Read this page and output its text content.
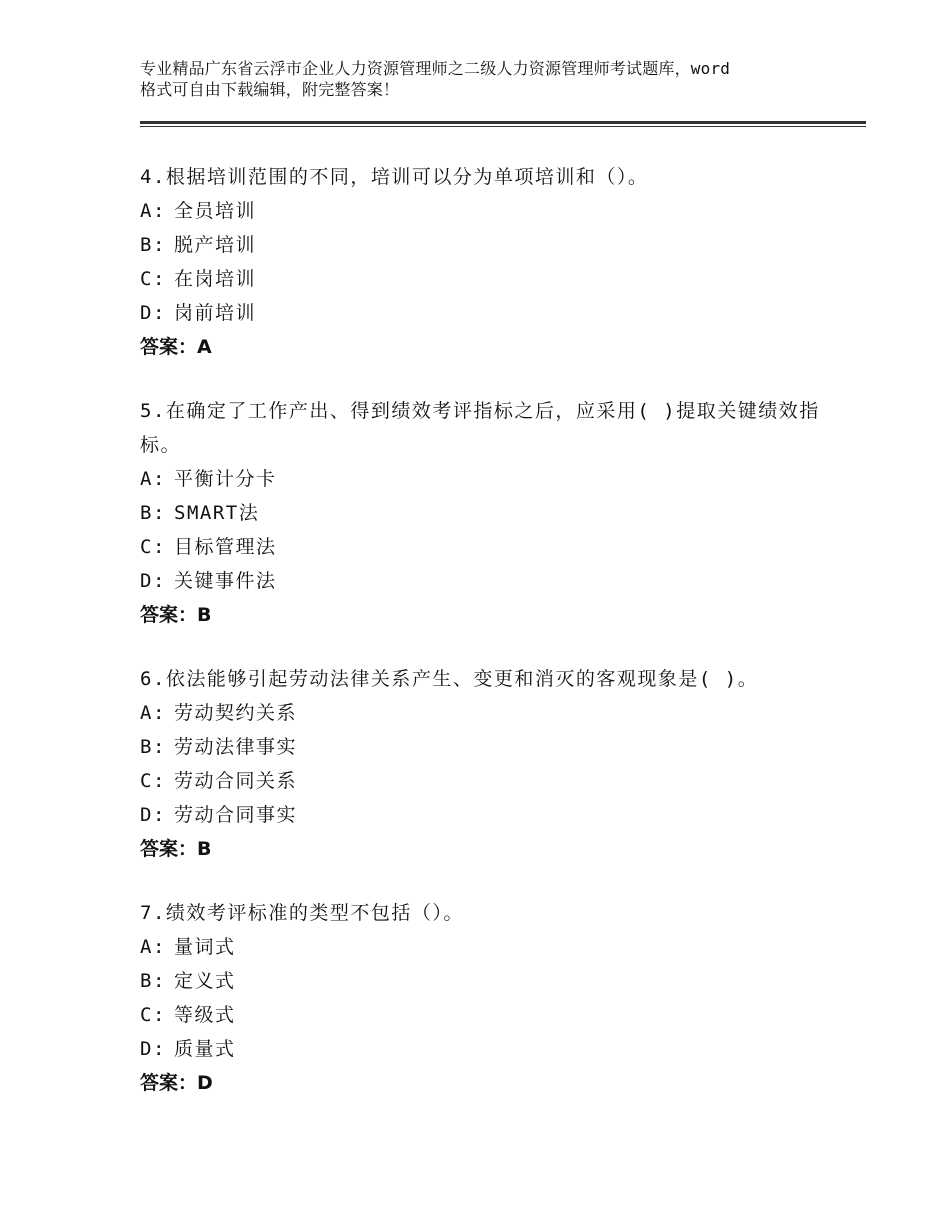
专业精品广东省云浮市企业人力资源管理师之二级人力资源管理师考试题库，word
格式可自由下载编辑，附完整答案！
4.根据培训范围的不同，培训可以分为单项培训和（）。
A: 全员培训
B: 脱产培训
C: 在岗培训
D: 岗前培训
答案：A
5.在确定了工作产出、得到绩效考评指标之后，应采用( )提取关键绩效指标。
A: 平衡计分卡
B: SMART法
C: 目标管理法
D: 关键事件法
答案：B
6.依法能够引起劳动法律关系产生、变更和消灭的客观现象是( )。
A: 劳动契约关系
B: 劳动法律事实
C: 劳动合同关系
D: 劳动合同事实
答案：B
7.绩效考评标准的类型不包括（）。
A: 量词式
B: 定义式
C: 等级式
D: 质量式
答案：D
